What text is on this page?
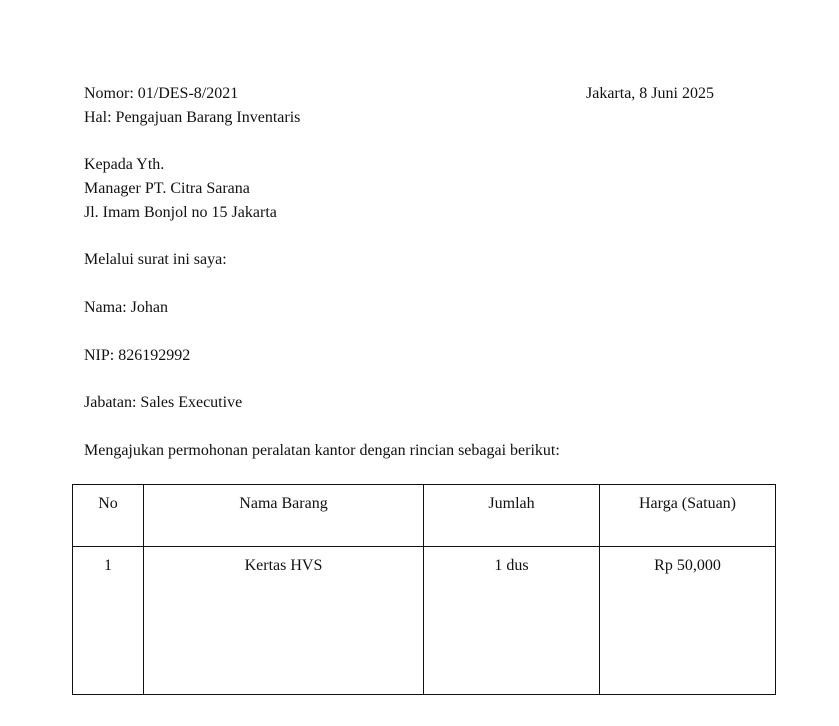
Nomor: 01/DES-8/2021	Jakarta, 8 Juni 2025
Hal: Pengajuan Barang Inventaris
Kepada Yth.
Manager PT. Citra Sarana
Jl. Imam Bonjol no 15 Jakarta
Melalui surat ini saya:
Nama: Johan
NIP: 826192992
Jabatan: Sales Executive
Mengajukan permohonan peralatan kantor dengan rincian sebagai berikut:
No	Nama Barang	Jumlah	Harga (Satuan)
1	Kertas HVS	1 dus	Rp 50,000
